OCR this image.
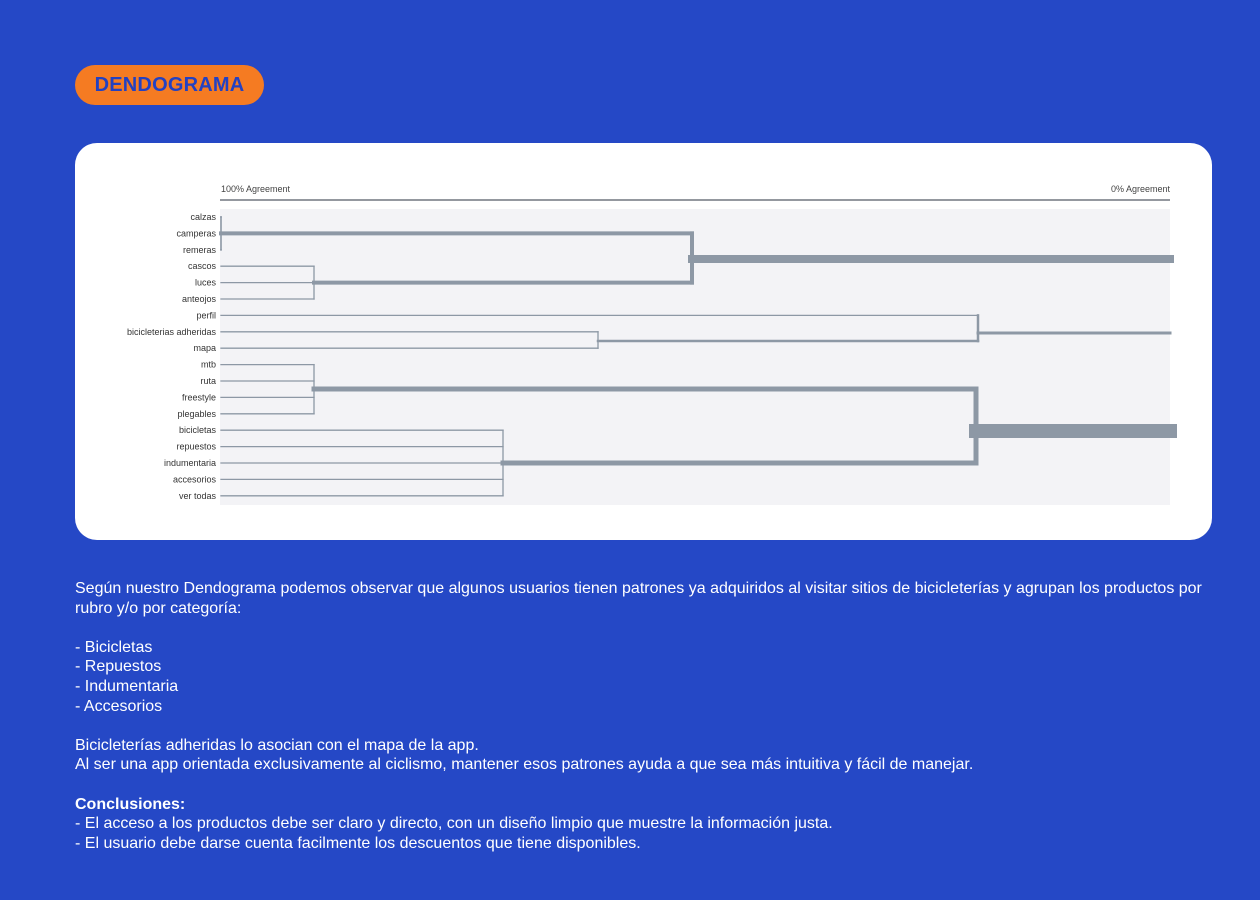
DENDOGRAMA
100% Agreement	0% Agreement
calzas
camperas
remeras
cascos
luces
anteojos
perfil
bicicleterias adheridas
mapa
mtb
ruta
freestyle
plegables
bicicletas
repuestos
indumentaria
accesorios
ver todas

Según nuestro Dendograma podemos observar que algunos usuarios tienen patrones ya adquiridos al visitar sitios de bicicleterías y agrupan los productos por rubro y/o por categoría:

- Bicicletas

- Repuestos

- Indumentaria

- Accesorios

Bicicleterías adheridas lo asocian con el mapa de la app.

Al ser una app orientada exclusivamente al ciclismo, mantener esos patrones ayuda a que sea más intuitiva y fácil de manejar.

Conclusiones:

- El acceso a los productos debe ser claro y directo, con un diseño limpio que muestre la información justa.

- El usuario debe darse cuenta facilmente los descuentos que tiene disponibles.
